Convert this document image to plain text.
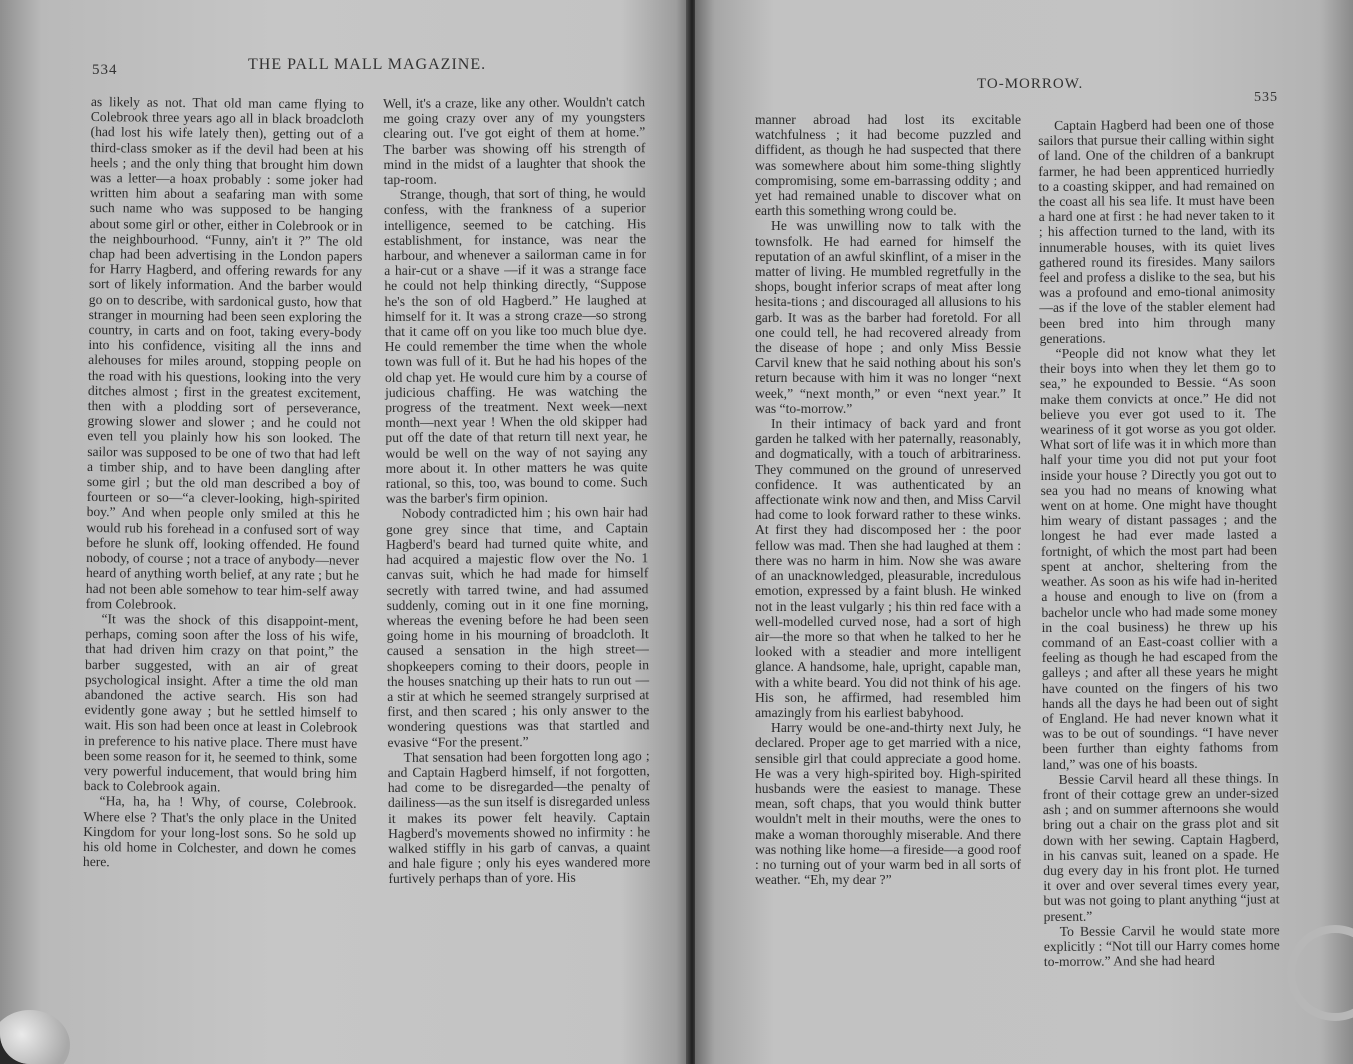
534	THE PALL MALL MAGAZINE.

as likely as not. That old man came flying to Colebrook three years ago all in black broadcloth (had lost his wife lately then), getting out of a third-class smoker as if the devil had been at his heels ; and the only thing that brought him down was a letter—a hoax probably : some joker had written him about a seafaring man with some such name who was supposed to be hanging about some girl or other, either in Colebrook or in the neighbourhood. “Funny, ain't it ?” The old chap had been advertising in the London papers for Harry Hagberd, and offering rewards for any sort of likely information. And the barber would go on to describe, with sardonical gusto, how that stranger in mourning had been seen exploring the country, in carts and on foot, taking every-body into his confidence, visiting all the inns and alehouses for miles around, stopping people on the road with his questions, looking into the very ditches almost ; first in the greatest excitement, then with a plodding sort of perseverance, growing slower and slower ; and he could not even tell you plainly how his son looked. The sailor was supposed to be one of two that had left a timber ship, and to have been dangling after some girl ; but the old man described a boy of fourteen or so—“a clever-looking, high-spirited boy.” And when people only smiled at this he would rub his forehead in a confused sort of way before he slunk off, looking offended. He found nobody, of course ; not a trace of anybody—never heard of anything worth belief, at any rate ; but he had not been able somehow to tear him-self away from Colebrook.

“It was the shock of this disappoint-ment, perhaps, coming soon after the loss of his wife, that had driven him crazy on that point,” the barber suggested, with an air of great psychological insight. After a time the old man abandoned the active search. His son had evidently gone away ; but he settled himself to wait. His son had been once at least in Colebrook in preference to his native place. There must have been some reason for it, he seemed to think, some very powerful inducement, that would bring him back to Colebrook again.

“Ha, ha, ha ! Why, of course, Colebrook. Where else ? That's the only place in the United Kingdom for your long-lost sons. So he sold up his old home in Colchester, and down he comes here.

Well, it's a craze, like any other. Wouldn't catch me going crazy over any of my youngsters clearing out. I've got eight of them at home.” The barber was showing off his strength of mind in the midst of a laughter that shook the tap-room.

Strange, though, that sort of thing, he would confess, with the frankness of a superior intelligence, seemed to be catching. His establishment, for instance, was near the harbour, and whenever a sailorman came in for a hair-cut or a shave —if it was a strange face he could not help thinking directly, “Suppose he's the son of old Hagberd.” He laughed at himself for it. It was a strong craze—so strong that it came off on you like too much blue dye. He could remember the time when the whole town was full of it. But he had his hopes of the old chap yet. He would cure him by a course of judicious chaffing. He was watching the progress of the treatment. Next week—next month—next year ! When the old skipper had put off the date of that return till next year, he would be well on the way of not saying any more about it. In other matters he was quite rational, so this, too, was bound to come. Such was the barber's firm opinion.

Nobody contradicted him ; his own hair had gone grey since that time, and Captain Hagberd's beard had turned quite white, and had acquired a majestic flow over the No. 1 canvas suit, which he had made for himself secretly with tarred twine, and had assumed suddenly, coming out in it one fine morning, whereas the evening before he had been seen going home in his mourning of broadcloth. It caused a sensation in the high street—shopkeepers coming to their doors, people in the houses snatching up their hats to run out —a stir at which he seemed strangely surprised at first, and then scared ; his only answer to the wondering questions was that startled and evasive “For the present.”

That sensation had been forgotten long ago ; and Captain Hagberd himself, if not forgotten, had come to be disregarded—the penalty of dailiness—as the sun itself is disregarded unless it makes its power felt heavily. Captain Hagberd's movements showed no infirmity : he walked stiffly in his garb of canvas, a quaint and hale figure ; only his eyes wandered more furtively perhaps than of yore. His

TO-MORROW.
535

manner abroad had lost its excitable watchfulness ; it had become puzzled and diffident, as though he had suspected that there was somewhere about him some-thing slightly compromising, some em-barrassing oddity ; and yet had remained unable to discover what on earth this something wrong could be.

He was unwilling now to talk with the townsfolk. He had earned for himself the reputation of an awful skinflint, of a miser in the matter of living. He mumbled regretfully in the shops, bought inferior scraps of meat after long hesita-tions ; and discouraged all allusions to his garb. It was as the barber had foretold. For all one could tell, he had recovered already from the disease of hope ; and only Miss Bessie Carvil knew that he said nothing about his son's return because with him it was no longer “next week,” “next month,” or even “next year.” It was “to-morrow.”

In their intimacy of back yard and front garden he talked with her paternally, reasonably, and dogmatically, with a touch of arbitrariness. They communed on the ground of unreserved confidence. It was authenticated by an affectionate wink now and then, and Miss Carvil had come to look forward rather to these winks. At first they had discomposed her : the poor fellow was mad. Then she had laughed at them : there was no harm in him. Now she was aware of an unacknowledged, pleasurable, incredulous emotion, expressed by a faint blush. He winked not in the least vulgarly ; his thin red face with a well-modelled curved nose, had a sort of high air—the more so that when he talked to her he looked with a steadier and more intelligent glance. A handsome, hale, upright, capable man, with a white beard. You did not think of his age. His son, he affirmed, had resembled him amazingly from his earliest babyhood.

Harry would be one-and-thirty next July, he declared. Proper age to get married with a nice, sensible girl that could appreciate a good home. He was a very high-spirited boy. High-spirited husbands were the easiest to manage. These mean, soft chaps, that you would think butter wouldn't melt in their mouths, were the ones to make a woman thoroughly miserable. And there was nothing like home—a fireside—a good roof : no turning out of your warm bed in all sorts of weather. “Eh, my dear ?”

Captain Hagberd had been one of those sailors that pursue their calling within sight of land. One of the children of a bankrupt farmer, he had been apprenticed hurriedly to a coasting skipper, and had remained on the coast all his sea life. It must have been a hard one at first : he had never taken to it ; his affection turned to the land, with its innumerable houses, with its quiet lives gathered round its firesides. Many sailors feel and profess a dislike to the sea, but his was a profound and emo-tional animosity—as if the love of the stabler element had been bred into him through many generations.

“People did not know what they let their boys into when they let them go to sea,” he expounded to Bessie. “As soon make them convicts at once.” He did not believe you ever got used to it. The weariness of it got worse as you got older. What sort of life was it in which more than half your time you did not put your foot inside your house ? Directly you got out to sea you had no means of knowing what went on at home. One might have thought him weary of distant passages ; and the longest he had ever made lasted a fortnight, of which the most part had been spent at anchor, sheltering from the weather. As soon as his wife had in-herited a house and enough to live on (from a bachelor uncle who had made some money in the coal business) he threw up his command of an East-coast collier with a feeling as though he had escaped from the galleys ; and after all these years he might have counted on the fingers of his two hands all the days he had been out of sight of England. He had never known what it was to be out of soundings. “I have never been further than eighty fathoms from land,” was one of his boasts.

Bessie Carvil heard all these things. In front of their cottage grew an under-sized ash ; and on summer afternoons she would bring out a chair on the grass plot and sit down with her sewing. Captain Hagberd, in his canvas suit, leaned on a spade. He dug every day in his front plot. He turned it over and over several times every year, but was not going to plant anything “just at present.”

To Bessie Carvil he would state more explicitly : “Not till our Harry comes home to-morrow.” And she had heard
